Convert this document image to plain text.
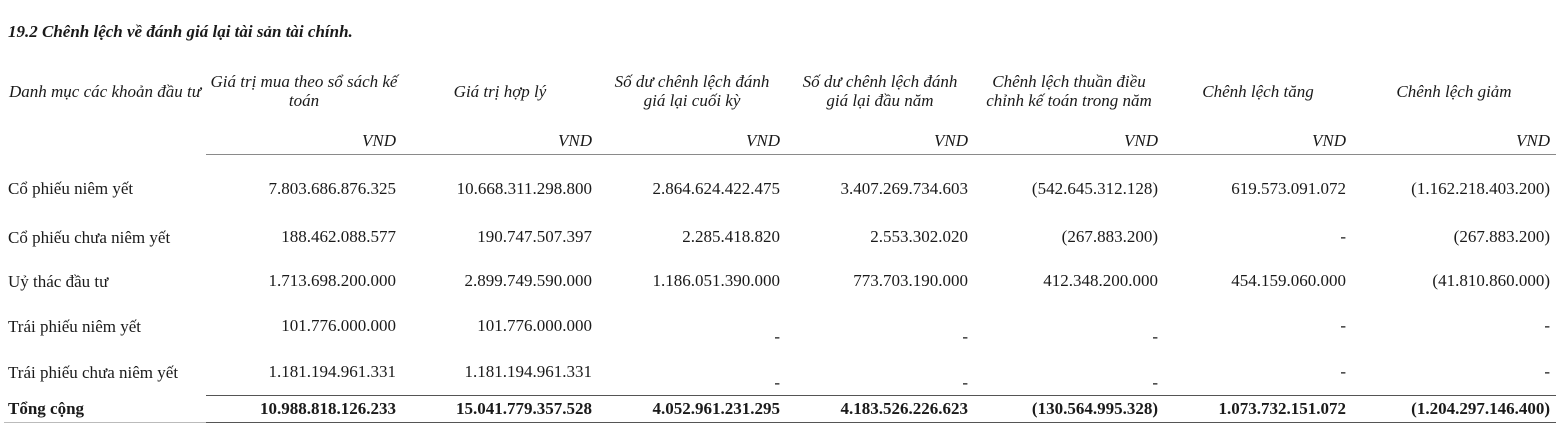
19.2 Chênh lệch về đánh giá lại tài sản tài chính.
Danh mục các khoản đầu tư	Giá trị mua theo sổ sách kế toán	Giá trị hợp lý	Số dư chênh lệch đánh giá lại cuối kỳ	Số dư chênh lệch đánh giá lại đầu năm	Chênh lệch thuần điều chỉnh kế toán trong năm	Chênh lệch tăng	Chênh lệch giảm
	VND	VND	VND	VND	VND	VND	VND
Cổ phiếu niêm yết	7.803.686.876.325	10.668.311.298.800	2.864.624.422.475	3.407.269.734.603	(542.645.312.128)	619.573.091.072	(1.162.218.403.200)
Cổ phiếu chưa niêm yết	188.462.088.577	190.747.507.397	2.285.418.820	2.553.302.020	(267.883.200)	-	(267.883.200)
Uỷ thác đầu tư	1.713.698.200.000	2.899.749.590.000	1.186.051.390.000	773.703.190.000	412.348.200.000	454.159.060.000	(41.810.860.000)
Trái phiếu niêm yết	101.776.000.000	101.776.000.000	-	-	-	-	-
Trái phiếu chưa niêm yết	1.181.194.961.331	1.181.194.961.331	-	-	-	-	-
Tổng cộng	10.988.818.126.233	15.041.779.357.528	4.052.961.231.295	4.183.526.226.623	(130.564.995.328)	1.073.732.151.072	(1.204.297.146.400)
